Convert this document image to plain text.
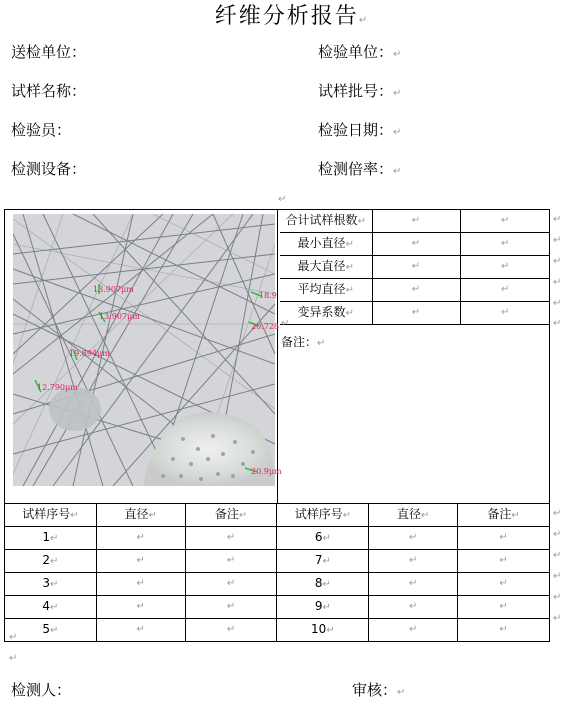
纤维分析报告↵
送检单位：	检验单位：↵
试样名称：	试样批号：↵
检验员：	检验日期：↵
检测设备：	检测倍率：↵
↵
13.907μm
13.907μm
19.894μm
12.790μm
18.9
20.728
20.9μm
合计试样根数↵	↵	↵
最小直径↵	↵	↵
最大直径↵	↵	↵
平均直径↵	↵	↵
变异系数↵	↵	↵
↵
↵
↵
↵
↵
↵
↵
备注：↵
试样序号↵	直径↵	备注↵	试样序号↵	直径↵	备注↵
1↵	↵	↵	6↵	↵	↵
2↵	↵	↵	7↵	↵	↵
3↵	↵	↵	8↵	↵	↵
4↵	↵	↵	9↵	↵	↵
5↵	↵	↵	10↵	↵	↵
↵
↵
↵
↵
↵
↵
↵
↵
检测人：	审核：↵
